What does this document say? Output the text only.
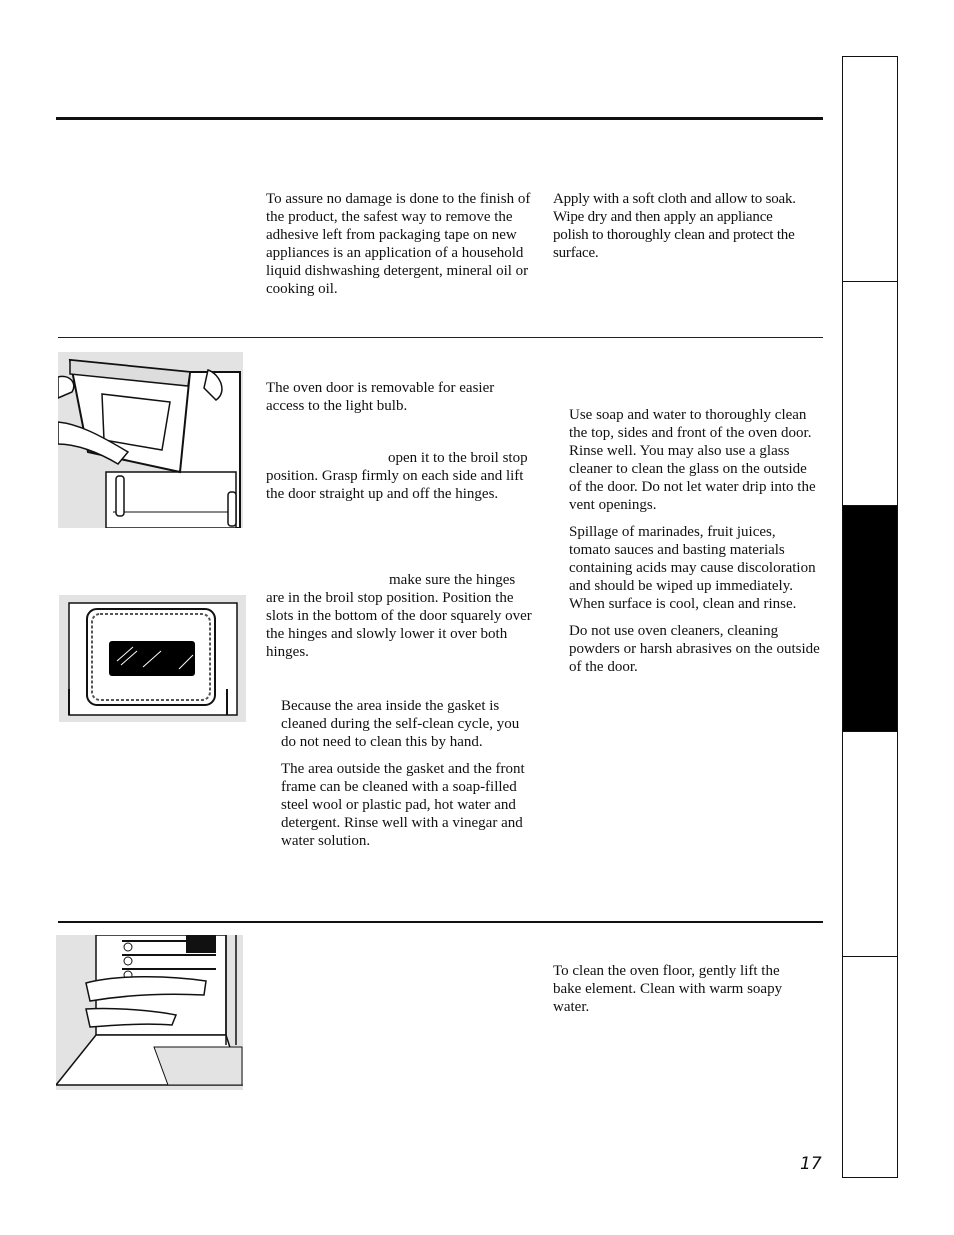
To assure no damage is done to the finish of the product, the safest way to remove the adhesive left from packaging tape on new appliances is an application of a household liquid dishwashing detergent, mineral oil or cooking oil.

Apply with a soft cloth and allow to soak. Wipe dry and then apply an appliance polish to thoroughly clean and protect the surface.

The oven door is removable for easier access to the light bulb.

open it to the broil stop position. Grasp firmly on each side and lift the door straight up and off the hinges.

make sure the hinges are in the broil stop position. Position the slots in the bottom of the door squarely over the hinges and slowly lower it over both hinges.

Because the area inside the gasket is cleaned during the self-clean cycle, you do not need to clean this by hand.

The area outside the gasket and the front frame can be cleaned with a soap-filled steel wool or plastic pad, hot water and detergent. Rinse well with a vinegar and water solution.

Use soap and water to thoroughly clean the top, sides and front of the oven door. Rinse well. You may also use a glass cleaner to clean the glass on the outside of the door. Do not let water drip into the vent openings.

Spillage of marinades, fruit juices, tomato sauces and basting materials containing acids may cause discoloration and should be wiped up immediately. When surface is cool, clean and rinse.

Do not use oven cleaners, cleaning powders or harsh abrasives on the outside of the door.

To clean the oven floor, gently lift the bake element. Clean with warm soapy water.

17
